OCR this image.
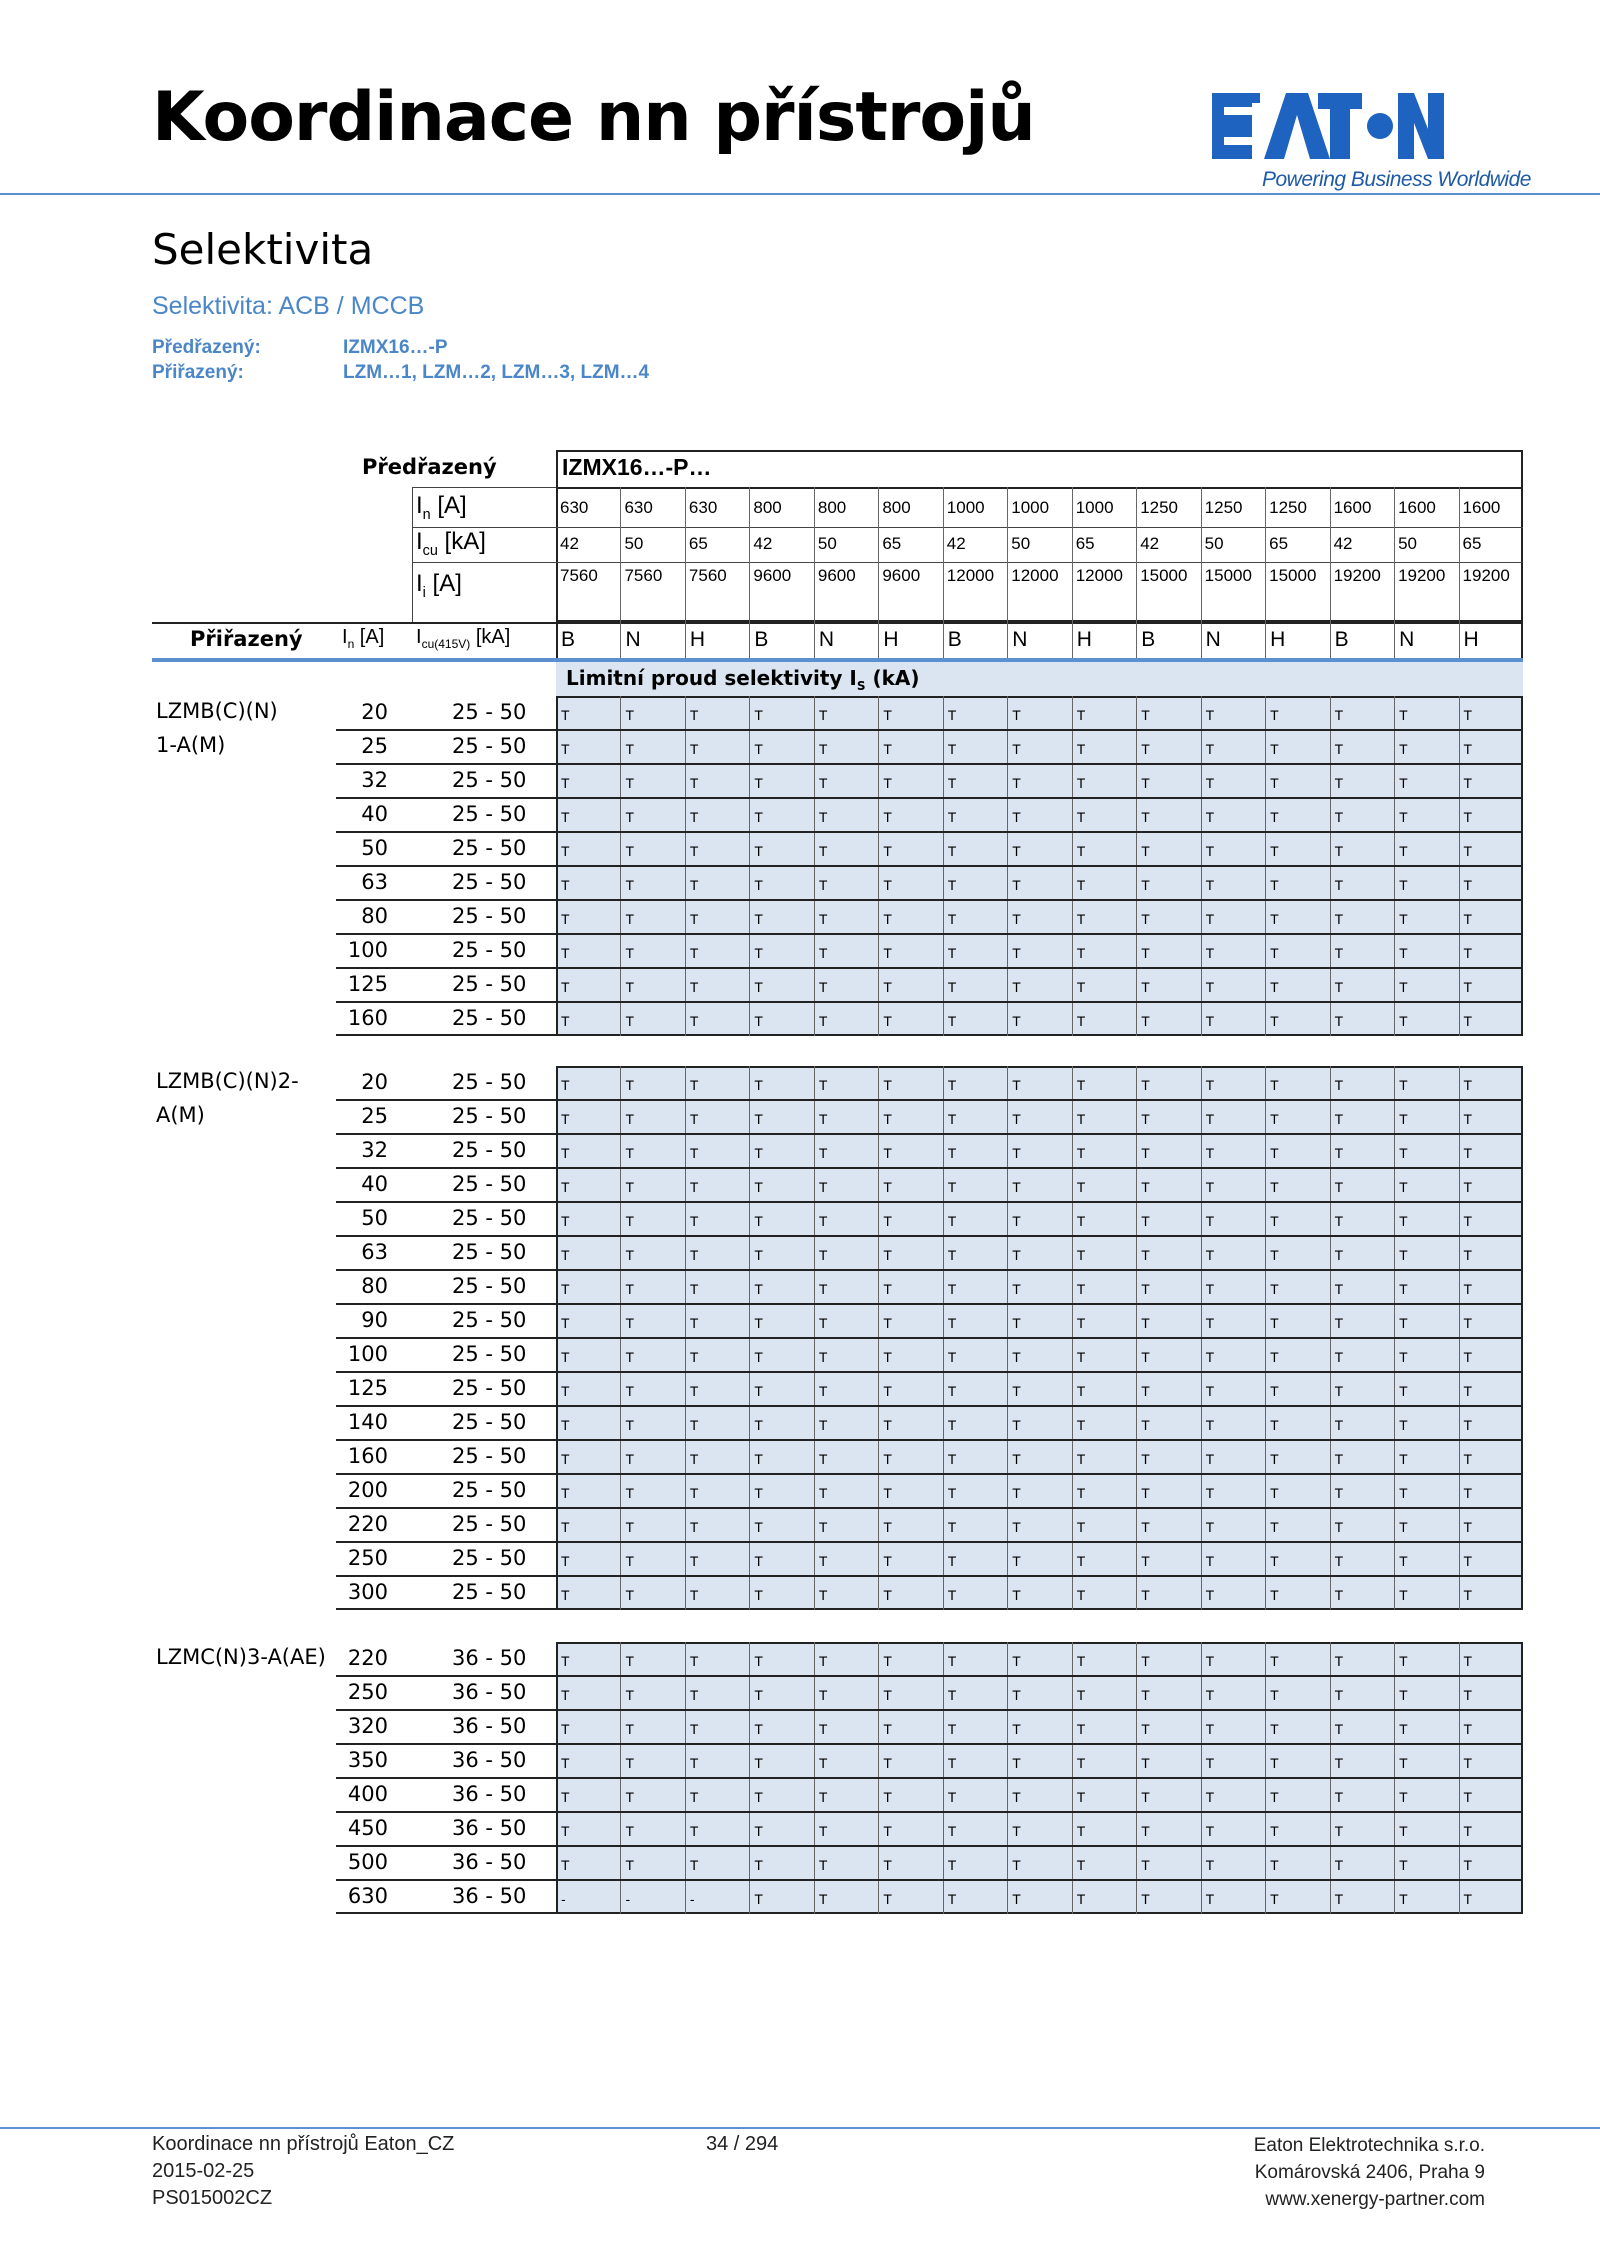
Koordinace nn přístrojů
Powering Business Worldwide
Selektivita
Selektivita: ACB / MCCB
Předřazený:	IZMX16…-P
Přiřazený:	LZM…1, LZM…2, LZM…3, LZM…4
Předřazený	IZMX16…-P…
$I_n$ [A]
$I_{cu}$ [kA]
$I_i$ [A]
630 630 630 800 800 800 1000 1000 1000 1250 1250 1250 1600 1600 1600
42	50	65	42	50	65	42	50	65	42	50	65	42	50	65
7560 7560 7560 9600 9600 9600 12000 12000 12000 15000 15000 15000 19200 19200 19200
Přiřazený $I_n$ [A] $I_{cu(415V)}$ [kA] B N H B N H B N H B N H B N H
Limitní proud selektivity $I_S$ (kA)
LZMB(C)(N)
1-A(M)
20	25 - 50 T	T	T	T	T	T	T	T	T	T	T	T	T	T	T
25	25 - 50 T	T	T	T	T	T	T	T	T	T	T	T	T	T	T
32	25 - 50 T	T	T	T	T	T	T	T	T	T	T	T	T	T	T
40	25 - 50 T	T	T	T	T	T	T	T	T	T	T	T	T	T	T
50	25 - 50 T	T	T	T	T	T	T	T	T	T	T	T	T	T	T
63	25 - 50 T	T	T	T	T	T	T	T	T	T	T	T	T	T	T
80	25 - 50 T	T	T	T	T	T	T	T	T	T	T	T	T	T	T
100	25 - 50 T	T	T	T	T	T	T	T	T	T	T	T	T	T	T
125	25 - 50 T	T	T	T	T	T	T	T	T	T	T	T	T	T	T
160	25 - 50 T	T	T	T	T	T	T	T	T	T	T	T	T	T	T
LZMB(C)(N)2-
A(M)
20	25 - 50 T	T	T	T	T	T	T	T	T	T	T	T	T	T	T
25	25 - 50 T	T	T	T	T	T	T	T	T	T	T	T	T	T	T
32	25 - 50 T	T	T	T	T	T	T	T	T	T	T	T	T	T	T
40	25 - 50 T	T	T	T	T	T	T	T	T	T	T	T	T	T	T
50	25 - 50 T	T	T	T	T	T	T	T	T	T	T	T	T	T	T
63	25 - 50 T	T	T	T	T	T	T	T	T	T	T	T	T	T	T
80	25 - 50 T	T	T	T	T	T	T	T	T	T	T	T	T	T	T
90	25 - 50 T	T	T	T	T	T	T	T	T	T	T	T	T	T	T
100	25 - 50 T	T	T	T	T	T	T	T	T	T	T	T	T	T	T
125	25 - 50 T	T	T	T	T	T	T	T	T	T	T	T	T	T	T
140	25 - 50 T	T	T	T	T	T	T	T	T	T	T	T	T	T	T
160	25 - 50 T	T	T	T	T	T	T	T	T	T	T	T	T	T	T
200	25 - 50 T	T	T	T	T	T	T	T	T	T	T	T	T	T	T
220	25 - 50 T	T	T	T	T	T	T	T	T	T	T	T	T	T	T
250	25 - 50 T	T	T	T	T	T	T	T	T	T	T	T	T	T	T
300	25 - 50 T	T	T	T	T	T	T	T	T	T	T	T	T	T	T
LZMC(N)3-A(AE)	220	36 - 50 T	T	T	T	T	T	T	T	T	T	T	T	T	T	T
250	36 - 50 T	T	T	T	T	T	T	T	T	T	T	T	T	T	T
320	36 - 50 T	T	T	T	T	T	T	T	T	T	T	T	T	T	T
350	36 - 50 T	T	T	T	T	T	T	T	T	T	T	T	T	T	T
400	36 - 50 T	T	T	T	T	T	T	T	T	T	T	T	T	T	T
450	36 - 50 T	T	T	T	T	T	T	T	T	T	T	T	T	T	T
500	36 - 50 T	T	T	T	T	T	T	T	T	T	T	T	T	T	T
630	36 - 50 -	-	-	T	T	T	T	T	T	T	T	T	T	T	T
Koordinace nn přístrojů Eaton_CZ
2015-02-25
PS015002CZ
34 / 294	Eaton Elektrotechnika s.r.o.
Komárovská 2406, Praha 9
www.xenergy-partner.com
